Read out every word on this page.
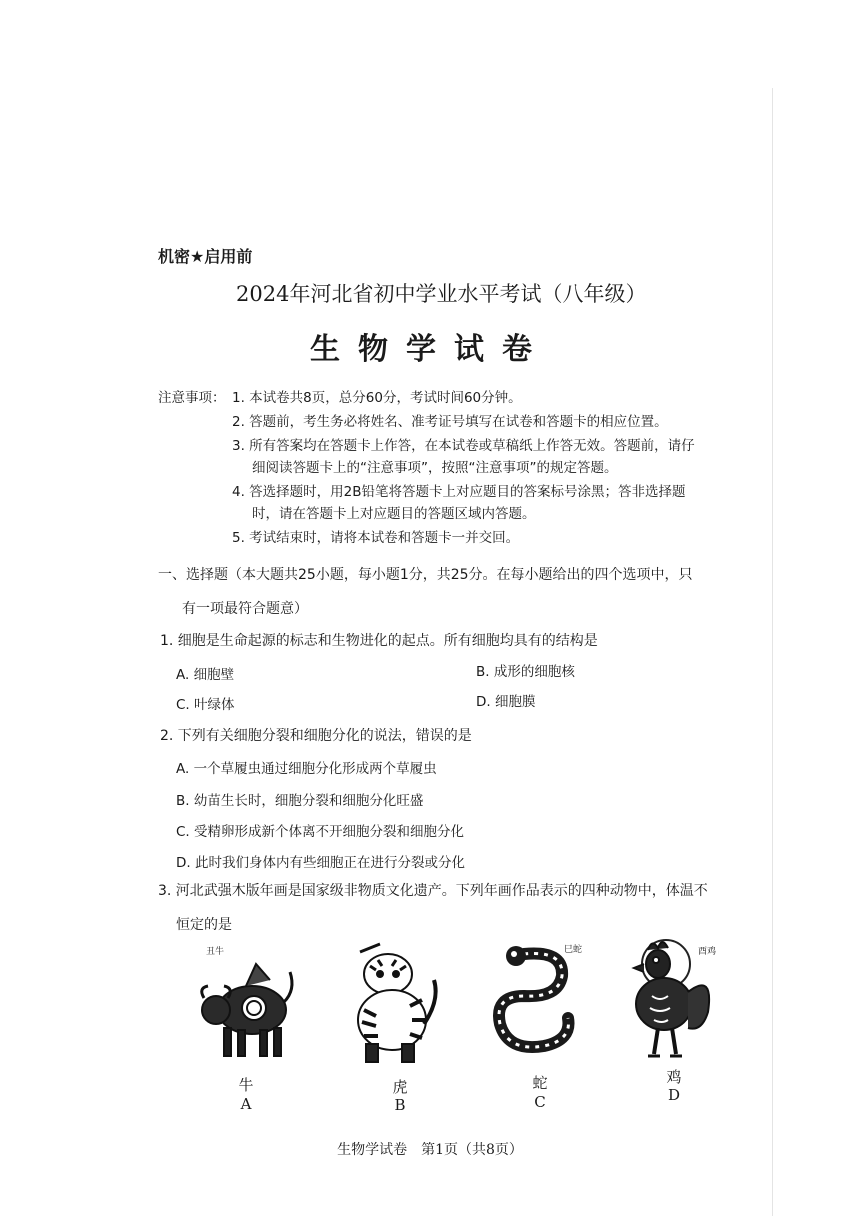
机密★启用前
2024年河北省初中学业水平考试（八年级）
生物学试卷
注意事项： 1. 本试卷共8页，总分60分，考试时间60分钟。
2. 答题前，考生务必将姓名、准考证号填写在试卷和答题卡的相应位置。
3. 所有答案均在答题卡上作答，在本试卷或草稿纸上作答无效。答题前，请仔
细阅读答题卡上的“注意事项”，按照“注意事项”的规定答题。
4. 答选择题时，用2B铅笔将答题卡上对应题目的答案标号涂黑；答非选择题
时，请在答题卡上对应题目的答题区域内答题。
5. 考试结束时，请将本试卷和答题卡一并交回。
一、选择题（本大题共25小题，每小题1分，共25分。在每小题给出的四个选项中，只
有一项最符合题意）
1. 细胞是生命起源的标志和生物进化的起点。所有细胞均具有的结构是
A. 细胞壁	B. 成形的细胞核
C. 叶绿体	D. 细胞膜
2. 下列有关细胞分裂和细胞分化的说法，错误的是
A. 一个草履虫通过细胞分化形成两个草履虫
B. 幼苗生长时，细胞分裂和细胞分化旺盛
C. 受精卵形成新个体离不开细胞分裂和细胞分化
D. 此时我们身体内有些细胞正在进行分裂或分化
3. 河北武强木版年画是国家级非物质文化遗产。下列年画作品表示的四种动物中，体温不
恒定的是
丑牛	巳蛇	酉鸡
牛
A
虎
B
蛇
C
鸡
D
生物学试卷　第1页（共8页）
